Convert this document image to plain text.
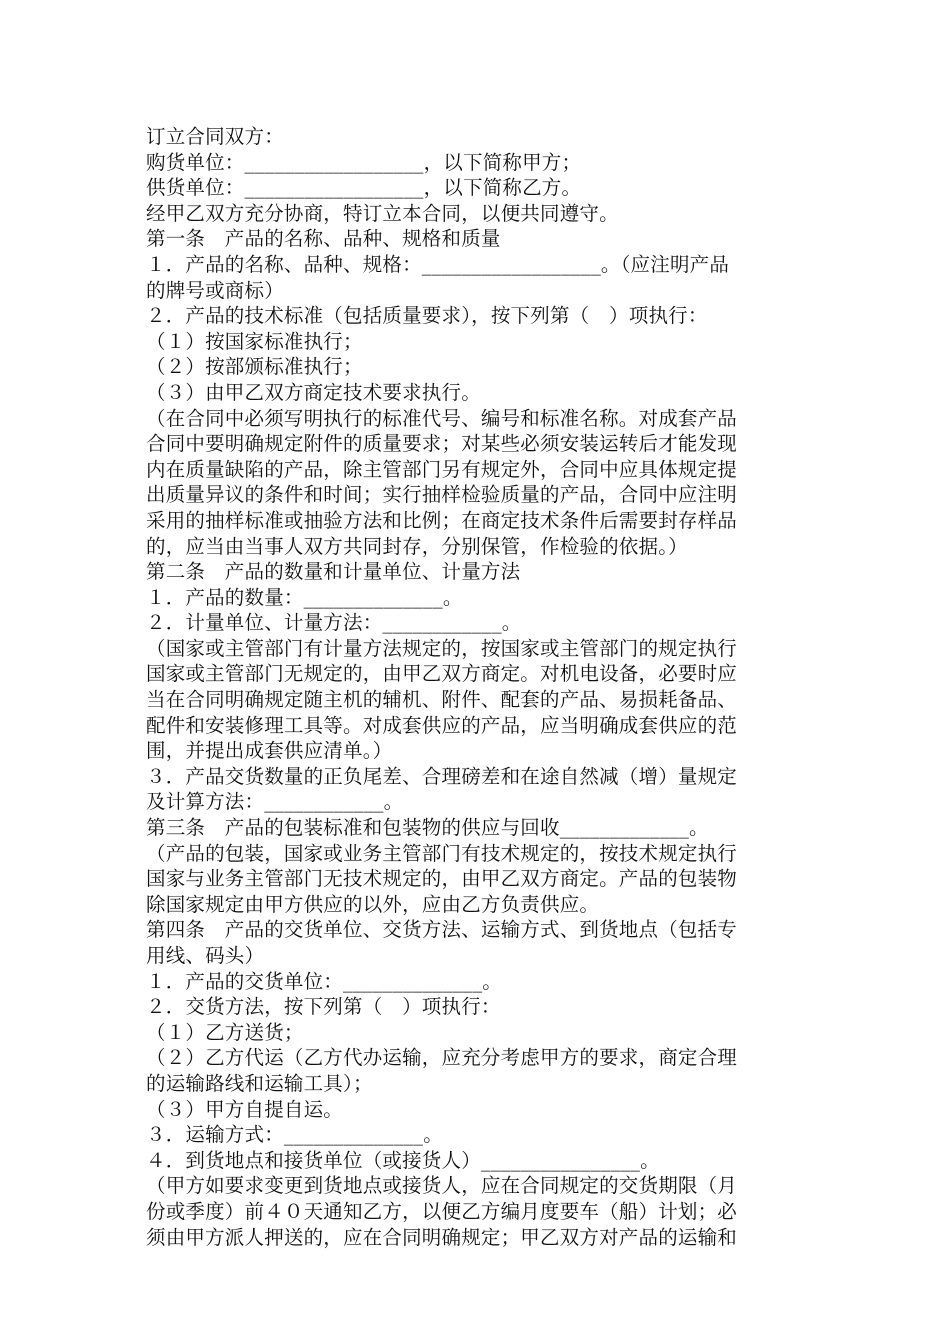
订立合同双方：
购货单位：__________________，以下简称甲方；
供货单位：__________________，以下简称乙方。
经甲乙双方充分协商，特订立本合同，以便共同遵守。
第一条　产品的名称、品种、规格和质量
１．产品的名称、品种、规格：__________________。（应注明产品
的牌号或商标）
２．产品的技术标准（包括质量要求），按下列第（　）项执行：
（１）按国家标准执行；
（２）按部颁标准执行；
（３）由甲乙双方商定技术要求执行。
（在合同中必须写明执行的标准代号、编号和标准名称。对成套产品
合同中要明确规定附件的质量要求；对某些必须安装运转后才能发现
内在质量缺陷的产品，除主管部门另有规定外，合同中应具体规定提
出质量异议的条件和时间；实行抽样检验质量的产品，合同中应注明
采用的抽样标准或抽验方法和比例；在商定技术条件后需要封存样品
的，应当由当事人双方共同封存，分别保管，作检验的依据。）
第二条　产品的数量和计量单位、计量方法
１．产品的数量：______________。
２．计量单位、计量方法：____________。
（国家或主管部门有计量方法规定的，按国家或主管部门的规定执行
国家或主管部门无规定的，由甲乙双方商定。对机电设备，必要时应
当在合同明确规定随主机的辅机、附件、配套的产品、易损耗备品、
配件和安装修理工具等。对成套供应的产品，应当明确成套供应的范
围，并提出成套供应清单。）
３．产品交货数量的正负尾差、合理磅差和在途自然减（增）量规定
及计算方法：____________。
第三条　产品的包装标准和包装物的供应与回收_____________。
（产品的包装，国家或业务主管部门有技术规定的，按技术规定执行
国家与业务主管部门无技术规定的，由甲乙双方商定。产品的包装物
除国家规定由甲方供应的以外，应由乙方负责供应。
第四条　产品的交货单位、交货方法、运输方式、到货地点（包括专
用线、码头）
１．产品的交货单位：______________。
２．交货方法，按下列第（　）项执行：
（１）乙方送货；
（２）乙方代运（乙方代办运输，应充分考虑甲方的要求，商定合理
的运输路线和运输工具）；
（３）甲方自提自运。
３．运输方式：______________。
４．到货地点和接货单位（或接货人）________________。
（甲方如要求变更到货地点或接货人，应在合同规定的交货期限（月
份或季度）前４０天通知乙方，以便乙方编月度要车（船）计划；必
须由甲方派人押送的，应在合同明确规定；甲乙双方对产品的运输和
